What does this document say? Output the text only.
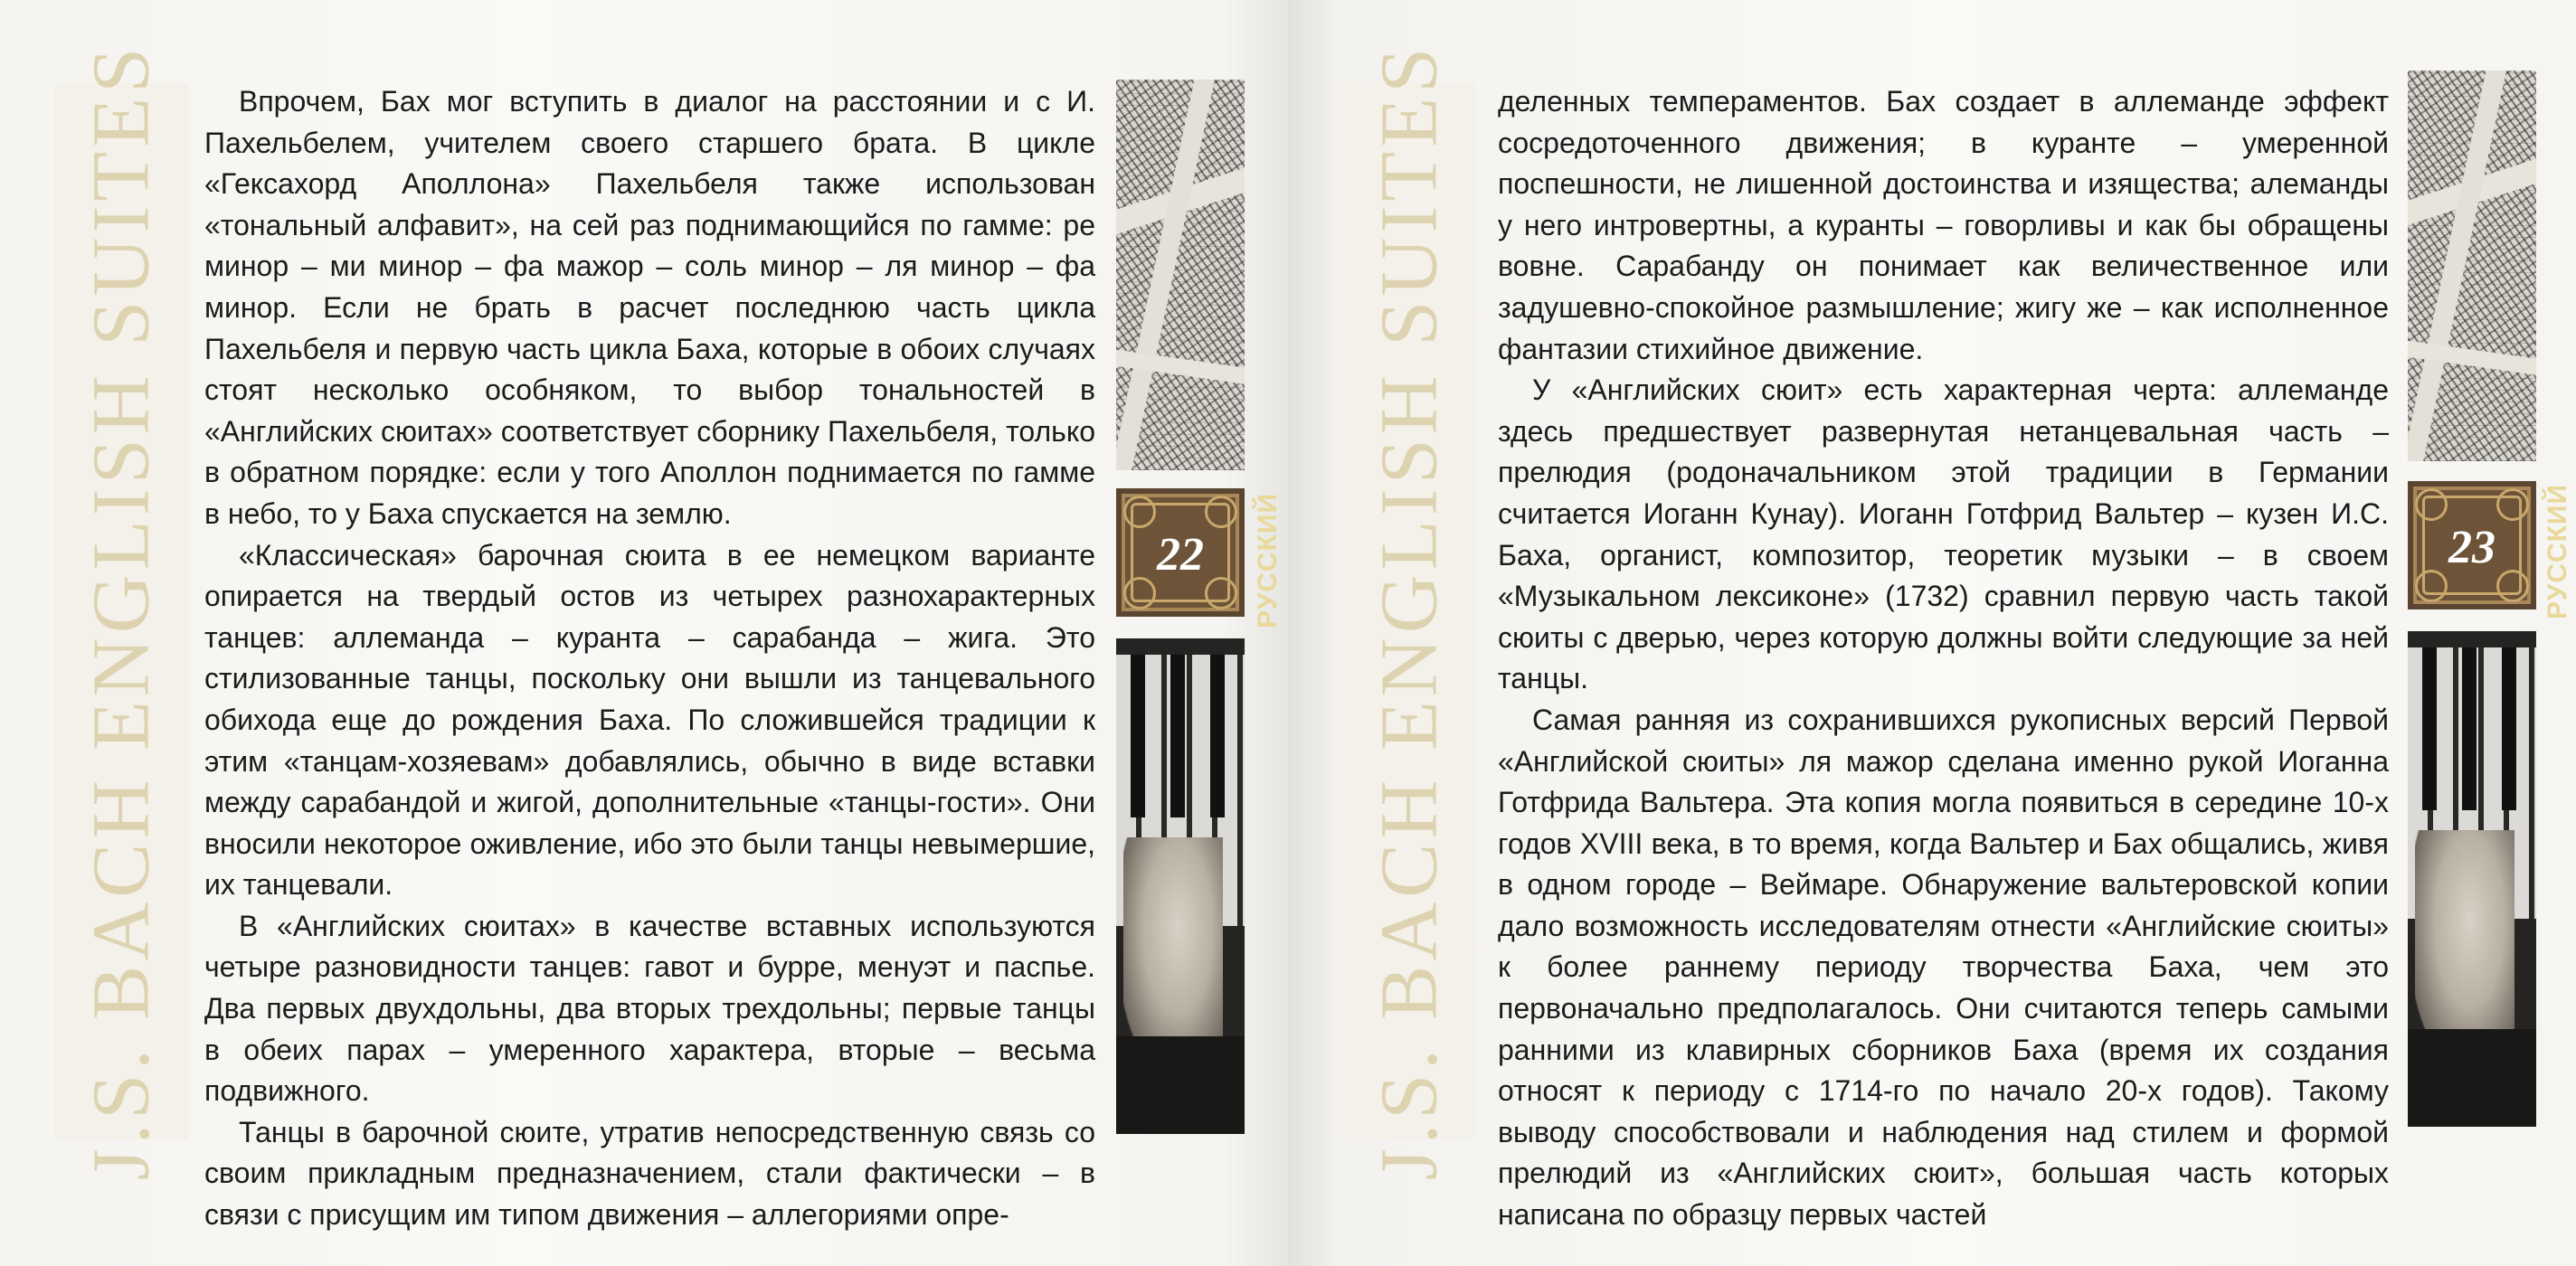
J.S. BACH ENGLISH SUITES	Впрочем, Бах мог вступить в диалог на расстоянии и с И. Пахельбелем, учителем своего старшего брата. В цикле «Гексахорд Аполлона» Пахельбеля также использован «тональный алфавит», на сей раз поднимающийся по гамме: ре минор – ми минор – фа мажор – соль минор – ля минор – фа минор. Если не брать в расчет последнюю часть цикла Пахельбеля и первую часть цикла Баха, которые в обоих случаях стоят несколько особняком, то выбор тональностей в «Английских сюитах» соответствует сборнику Пахельбеля, только в обратном порядке: если у того Аполлон поднимается по гамме в небо, то у Баха спускается на землю.

«Классическая» барочная сюита в ее немецком варианте опирается на твердый остов из четырех разнохарактерных танцев: аллеманда – куранта – сарабанда – жига. Это стилизованные танцы, поскольку они вышли из танцевального обихода еще до рождения Баха. По сложившейся традиции к этим «танцам-хозяевам» добавлялись, обычно в виде вставки между сарабандой и жигой, дополнительные «танцы-гости». Они вносили некоторое оживление, ибо это были танцы невымершие, их танцевали.

В «Английских сюитах» в качестве вставных используются четыре разновидности танцев: гавот и бурре, менуэт и паспье. Два первых двухдольны, два вторых трехдольны; первые танцы в обеих парах – умеренного характера, вторые – весьма подвижного.

Танцы в барочной сюите, утратив непосредственную связь со своим прикладным предназначением, стали фактически – в связи с присущим им типом движения – аллегориями опре-

22	РУССКИЙ J.S. BACH ENGLISH SUITES деленных темпераментов. Бах создает в аллеманде эффект сосредоточенного движения; в куранте – умеренной поспешности, не лишенной достоинства и изящества; алеманды у него интровертны, а куранты – говорливы и как бы обращены вовне. Сарабанду он понимает как величественное или задушевно-спокойное размышление; жигу же – как исполненное фантазии стихийное движение.

У «Английских сюит» есть характерная черта: аллеманде здесь предшествует развернутая нетанцевальная часть – прелюдия (родоначальником этой традиции в Германии считается Иоганн Кунау). Иоганн Готфрид Вальтер – кузен И.С. Баха, органист, композитор, теоретик музыки – в своем «Музыкальном лексиконе» (1732) сравнил первую часть такой сюиты с дверью, через которую должны войти следующие за ней танцы.

Самая ранняя из сохранившихся рукописных версий Первой «Английской сюиты» ля мажор сделана именно рукой Иоганна Готфрида Вальтера. Эта копия могла появиться в середине 10-х годов XVIII века, в то время, когда Вальтер и Бах общались, живя в одном городе – Веймаре. Обнаружение вальтеровской копии дало возможность исследователям отнести «Английские сюиты» к более раннему периоду творчества Баха, чем это первоначально предполагалось. Они считаются теперь самыми ранними из клавирных сборников Баха (время их создания относят к периоду с 1714-го по начало 20-х годов). Такому выводу способствовали и наблюдения над стилем и формой прелюдий из «Английских сюит», большая часть которых написана по образцу первых частей

23	РУССКИЙ
